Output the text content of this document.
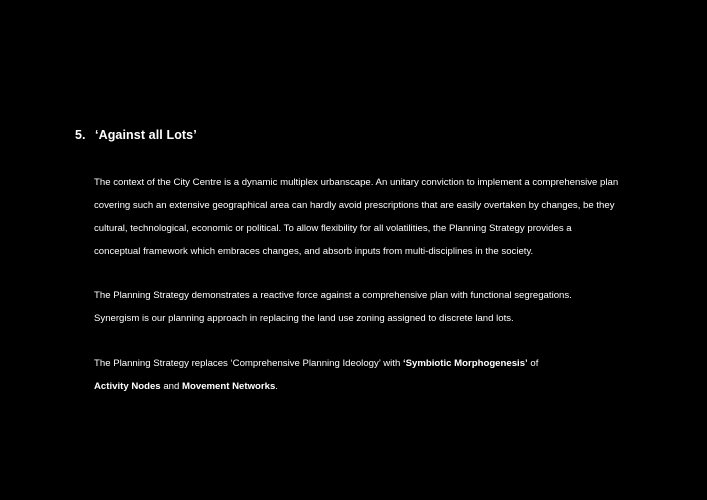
5. ‘Against all Lots’
The context of the City Centre is a dynamic multiplex urbanscape. An unitary conviction to implement a comprehensive plan
covering such an extensive geographical area can hardly avoid prescriptions that are easily overtaken by changes, be they
cultural, technological, economic or political. To allow flexibility for all volatilities, the Planning Strategy provides a
conceptual framework which embraces changes, and absorb inputs from multi-disciplines in the society.
The Planning Strategy demonstrates a reactive force against a comprehensive plan with functional segregations.
Synergism is our planning approach in replacing the land use zoning assigned to discrete land lots.
The Planning Strategy replaces ‘Comprehensive Planning Ideology’ with ‘Symbiotic Morphogenesis’ of
Activity Nodes and Movement Networks.
